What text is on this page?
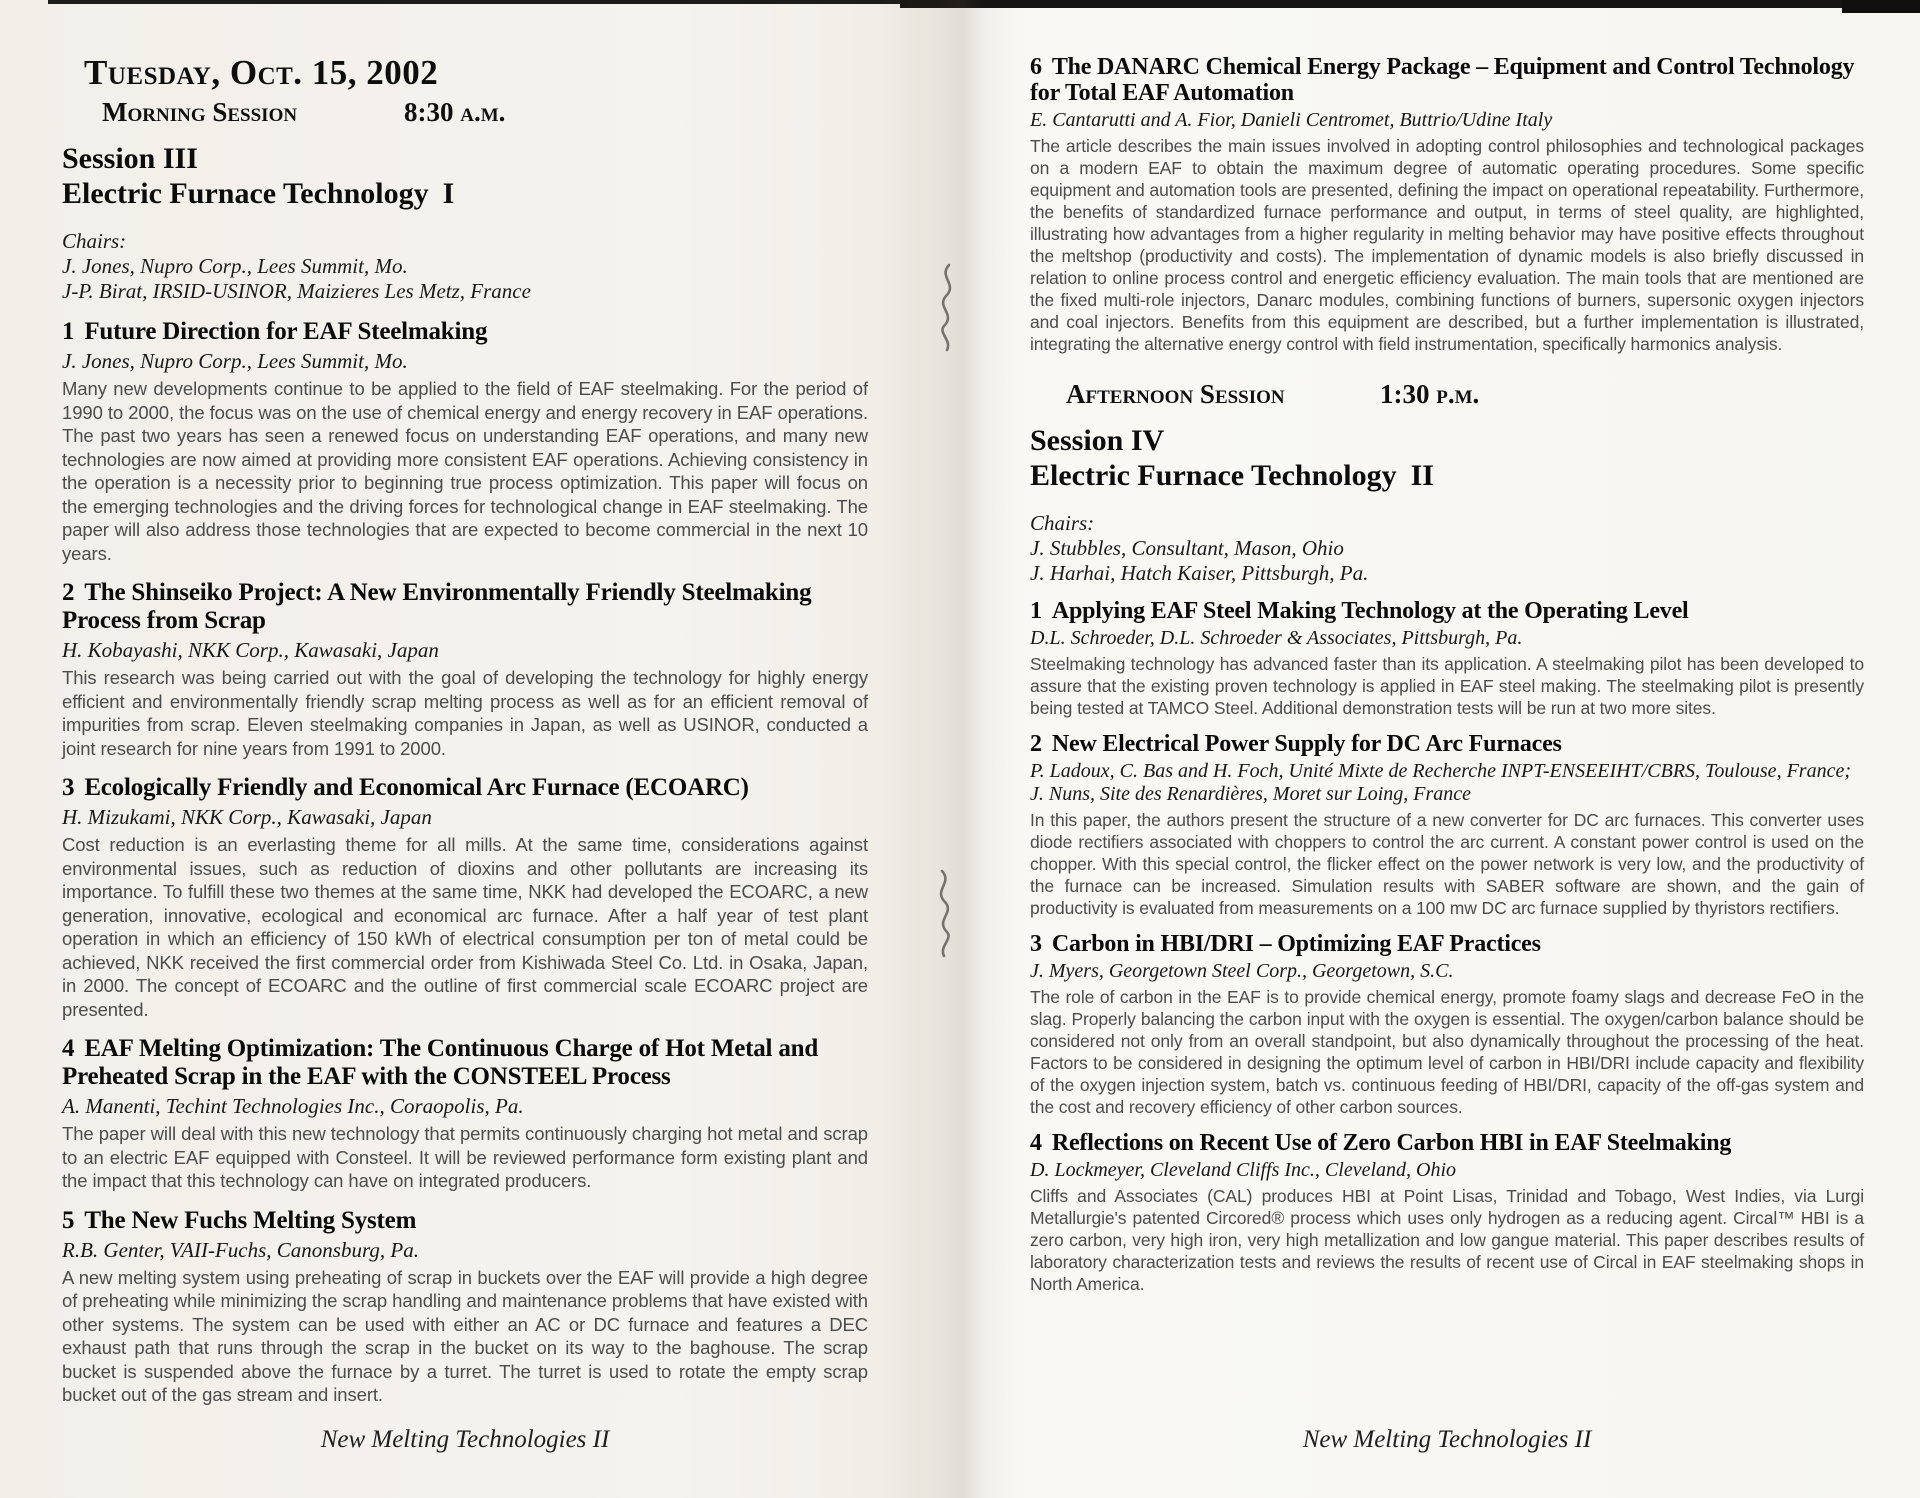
Tuesday, Oct. 15, 2002
Morning Session	8:30 a.m.
Session III
Electric Furnace Technology I
Chairs:
J. Jones, Nupro Corp., Lees Summit, Mo.
J-P. Birat, IRSID-USINOR, Maizieres Les Metz, France
1 Future Direction for EAF Steelmaking
J. Jones, Nupro Corp., Lees Summit, Mo.

Many new developments continue to be applied to the field of EAF steelmaking. For the period of 1990 to 2000, the focus was on the use of chemical energy and energy recovery in EAF operations. The past two years has seen a renewed focus on understanding EAF operations, and many new technologies are now aimed at providing more consistent EAF operations. Achieving consistency in the operation is a necessity prior to beginning true process optimization. This paper will focus on the emerging technologies and the driving forces for technological change in EAF steelmaking. The paper will also address those technologies that are expected to become commercial in the next 10 years.

2 The Shinseiko Project: A New Environmentally Friendly Steelmaking Process from Scrap
H. Kobayashi, NKK Corp., Kawasaki, Japan

This research was being carried out with the goal of developing the technology for highly energy efficient and environmentally friendly scrap melting process as well as for an efficient removal of impurities from scrap. Eleven steelmaking companies in Japan, as well as USINOR, conducted a joint research for nine years from 1991 to 2000.

3 Ecologically Friendly and Economical Arc Furnace (ECOARC)
H. Mizukami, NKK Corp., Kawasaki, Japan

Cost reduction is an everlasting theme for all mills. At the same time, considerations against environmental issues, such as reduction of dioxins and other pollutants are increasing its importance. To fulfill these two themes at the same time, NKK had developed the ECOARC, a new generation, innovative, ecological and economical arc furnace. After a half year of test plant operation in which an efficiency of 150 kWh of electrical consumption per ton of metal could be achieved, NKK received the first commercial order from Kishiwada Steel Co. Ltd. in Osaka, Japan, in 2000. The concept of ECOARC and the outline of first commercial scale ECOARC project are presented.

4 EAF Melting Optimization: The Continuous Charge of Hot Metal and Preheated Scrap in the EAF with the CONSTEEL Process
A. Manenti, Techint Technologies Inc., Coraopolis, Pa.

The paper will deal with this new technology that permits continuously charging hot metal and scrap to an electric EAF equipped with Consteel. It will be reviewed performance form existing plant and the impact that this technology can have on integrated producers.

5 The New Fuchs Melting System
R.B. Genter, VAII-Fuchs, Canonsburg, Pa.

A new melting system using preheating of scrap in buckets over the EAF will provide a high degree of preheating while minimizing the scrap handling and maintenance problems that have existed with other systems. The system can be used with either an AC or DC furnace and features a DEC exhaust path that runs through the scrap in the bucket on its way to the baghouse. The scrap bucket is suspended above the furnace by a turret. The turret is used to rotate the empty scrap bucket out of the gas stream and insert.

New Melting Technologies II
6 The DANARC Chemical Energy Package – Equipment and Control Technology for Total EAF Automation
E. Cantarutti and A. Fior, Danieli Centromet, Buttrio/Udine Italy

The article describes the main issues involved in adopting control philosophies and technological packages on a modern EAF to obtain the maximum degree of automatic operating procedures. Some specific equipment and automation tools are presented, defining the impact on operational repeatability. Furthermore, the benefits of standardized furnace performance and output, in terms of steel quality, are highlighted, illustrating how advantages from a higher regularity in melting behavior may have positive effects throughout the meltshop (productivity and costs). The implementation of dynamic models is also briefly discussed in relation to online process control and energetic efficiency evaluation. The main tools that are mentioned are the fixed multi-role injectors, Danarc modules, combining functions of burners, supersonic oxygen injectors and coal injectors. Benefits from this equipment are described, but a further implementation is illustrated, integrating the alternative energy control with field instrumentation, specifically harmonics analysis.

Afternoon Session	1:30 p.m.
Session IV
Electric Furnace Technology II
Chairs:
J. Stubbles, Consultant, Mason, Ohio
J. Harhai, Hatch Kaiser, Pittsburgh, Pa.
1 Applying EAF Steel Making Technology at the Operating Level
D.L. Schroeder, D.L. Schroeder & Associates, Pittsburgh, Pa.

Steelmaking technology has advanced faster than its application. A steelmaking pilot has been developed to assure that the existing proven technology is applied in EAF steel making. The steelmaking pilot is presently being tested at TAMCO Steel. Additional demonstration tests will be run at two more sites.

2 New Electrical Power Supply for DC Arc Furnaces
P. Ladoux, C. Bas and H. Foch, Unité Mixte de Recherche INPT-ENSEEIHT/CBRS, Toulouse, France; J. Nuns, Site des Renardières, Moret sur Loing, France

In this paper, the authors present the structure of a new converter for DC arc furnaces. This converter uses diode rectifiers associated with choppers to control the arc current. A constant power control is used on the chopper. With this special control, the flicker effect on the power network is very low, and the productivity of the furnace can be increased. Simulation results with SABER software are shown, and the gain of productivity is evaluated from measurements on a 100 mw DC arc furnace supplied by thyristors rectifiers.

3 Carbon in HBI/DRI – Optimizing EAF Practices
J. Myers, Georgetown Steel Corp., Georgetown, S.C.

The role of carbon in the EAF is to provide chemical energy, promote foamy slags and decrease FeO in the slag. Properly balancing the carbon input with the oxygen is essential. The oxygen/carbon balance should be considered not only from an overall standpoint, but also dynamically throughout the processing of the heat. Factors to be considered in designing the optimum level of carbon in HBI/DRI include capacity and flexibility of the oxygen injection system, batch vs. continuous feeding of HBI/DRI, capacity of the off-gas system and the cost and recovery efficiency of other carbon sources.

4 Reflections on Recent Use of Zero Carbon HBI in EAF Steelmaking
D. Lockmeyer, Cleveland Cliffs Inc., Cleveland, Ohio

Cliffs and Associates (CAL) produces HBI at Point Lisas, Trinidad and Tobago, West Indies, via Lurgi Metallurgie's patented Circored® process which uses only hydrogen as a reducing agent. Circal™ HBI is a zero carbon, very high iron, very high metallization and low gangue material. This paper describes results of laboratory characterization tests and reviews the results of recent use of Circal in EAF steelmaking shops in North America.

New Melting Technologies II
